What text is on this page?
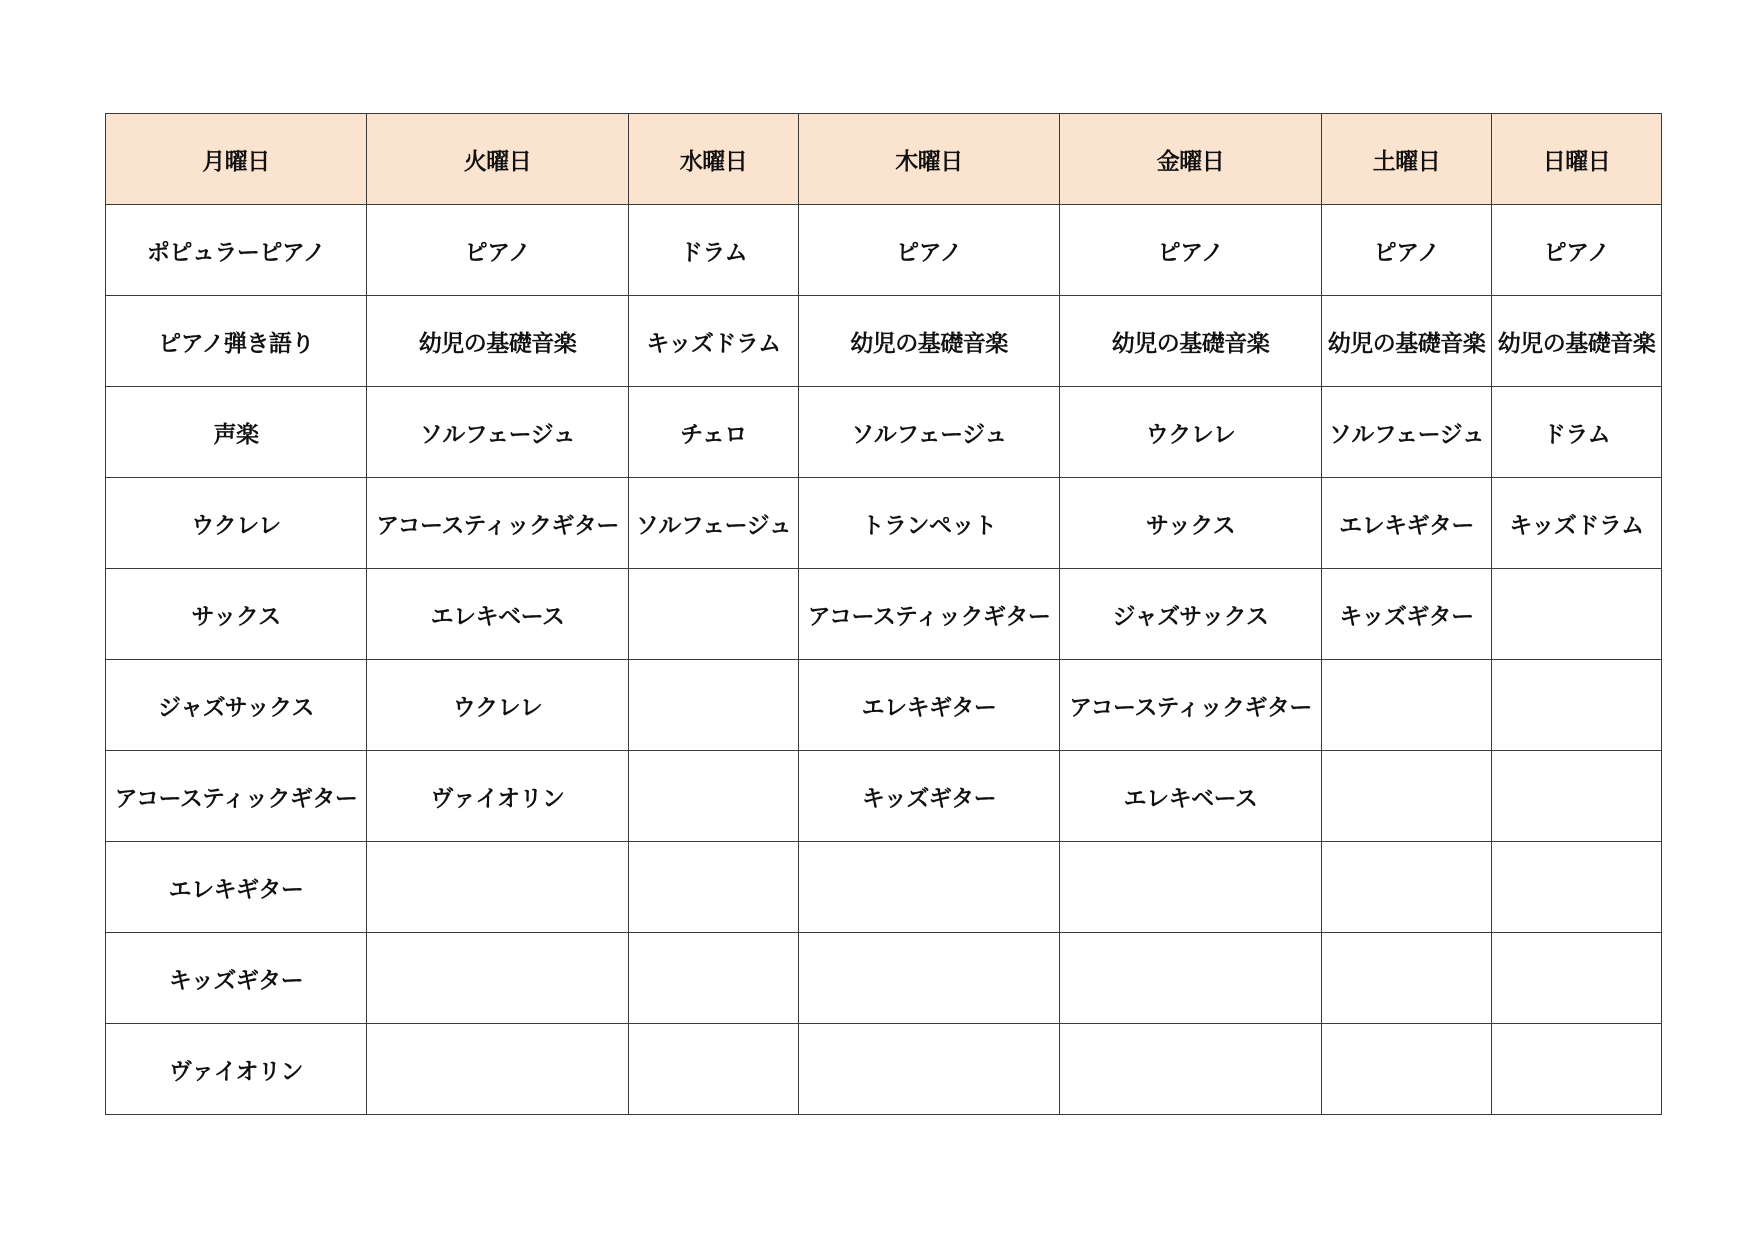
月曜日	火曜日	水曜日	木曜日	金曜日	土曜日	日曜日
ポピュラーピアノ	ピアノ	ドラム	ピアノ	ピアノ	ピアノ	ピアノ
ピアノ弾き語り	幼児の基礎音楽	キッズドラム	幼児の基礎音楽	幼児の基礎音楽	幼児の基礎音楽	幼児の基礎音楽
声楽	ソルフェージュ	チェロ	ソルフェージュ	ウクレレ	ソルフェージュ	ドラム
ウクレレ	アコースティックギター	ソルフェージュ	トランペット	サックス	エレキギター	キッズドラム
サックス	エレキベース		アコースティックギター	ジャズサックス	キッズギター	
ジャズサックス	ウクレレ		エレキギター	アコースティックギター		
アコースティックギター	ヴァイオリン		キッズギター	エレキベース		
エレキギター						
キッズギター						
ヴァイオリン						
